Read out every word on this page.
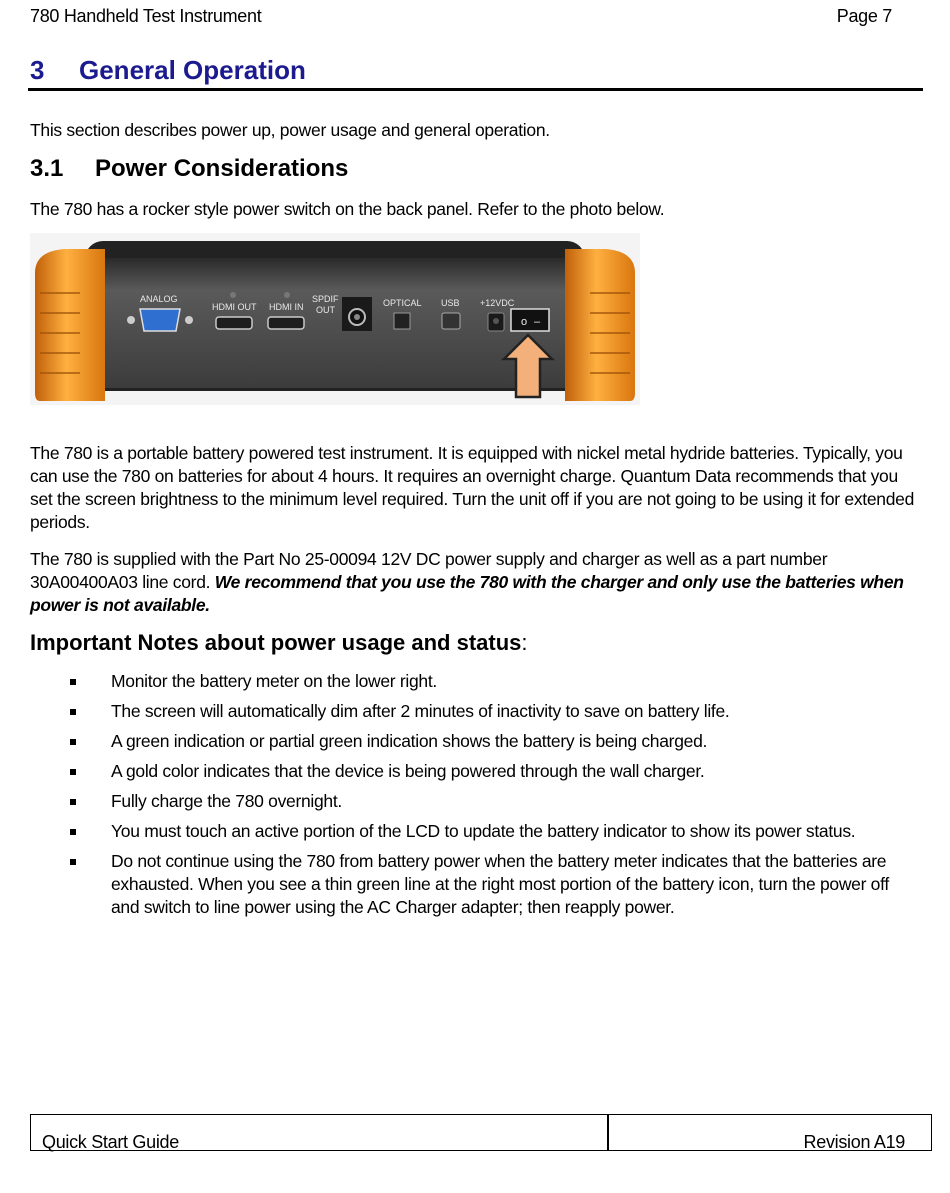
780 Handheld Test Instrument	Page 7
3 General Operation
This section describes power up, power usage and general operation.
3.1 Power Considerations
The 780 has a rocker style power switch on the back panel. Refer to the photo below.
ANALOG
HDMI OUT HDMI IN
SPDIF
OUT
OPTICAL USB +12VDC
o –
The 780 is a portable battery powered test instrument. It is equipped with nickel metal hydride batteries. Typically, you can use the 780 on batteries for about 4 hours. It requires an overnight charge. Quantum Data recommends that you set the screen brightness to the minimum level required. Turn the unit off if you are not going to be using it for extended periods.
The 780 is supplied with the Part No 25-00094 12V DC power supply and charger as well as a part number 30A00400A03 line cord. We recommend that you use the 780 with the charger and only use the batteries when power is not available.
Important Notes about power usage and status:
Monitor the battery meter on the lower right.
The screen will automatically dim after 2 minutes of inactivity to save on battery life.
A green indication or partial green indication shows the battery is being charged.
A gold color indicates that the device is being powered through the wall charger.
Fully charge the 780 overnight.
You must touch an active portion of the LCD to update the battery indicator to show its power status.
Do not continue using the 780 from battery power when the battery meter indicates that the batteries are exhausted. When you see a thin green line at the right most portion of the battery icon, turn the power off and switch to line power using the AC Charger adapter; then reapply power.
Quick Start Guide	Revision A19
